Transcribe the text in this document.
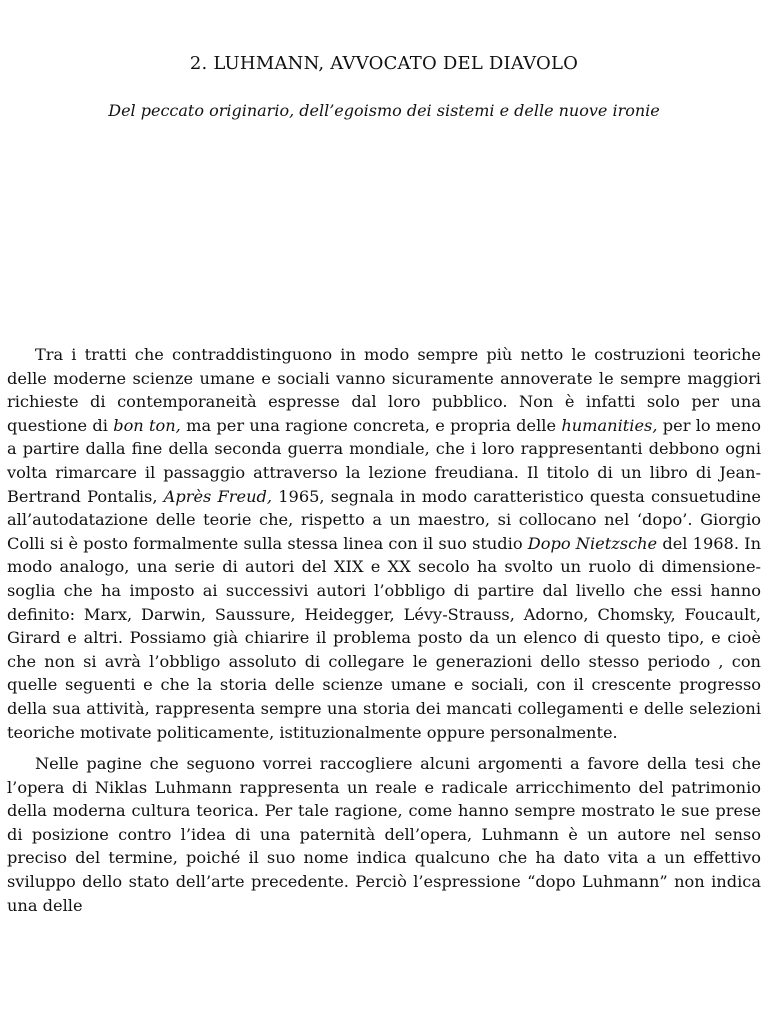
2. LUHMANN, AVVOCATO DEL DIAVOLO
Del peccato originario, dell’egoismo dei sistemi e delle nuove ironie

Tra i tratti che contraddistinguono in modo sempre più netto le costruzioni teoriche delle moderne scienze umane e sociali vanno sicuramente annoverate le sempre maggiori richieste di contemporaneità espresse dal loro pubblico. Non è infatti solo per una questione di bon ton, ma per una ragione concreta, e propria delle humanities, per lo meno a partire dalla fine della seconda guerra mondiale, che i loro rappresentanti debbono ogni volta rimarcare il passaggio attraverso la lezione freudiana. Il titolo di un libro di Jean-Bertrand Pontalis, Après Freud, 1965, segnala in modo caratteristico questa consuetudine all’autodatazione delle teorie che, rispetto a un maestro, si collocano nel ‘dopo’. Giorgio Colli si è posto formalmente sulla stessa linea con il suo studio Dopo Nietzsche del 1968. In modo analogo, una serie di autori del XIX e XX secolo ha svolto un ruolo di dimensione-soglia che ha imposto ai successivi autori l’obbligo di partire dal livello che essi hanno definito: Marx, Darwin, Saussure, Heidegger, Lévy-Strauss, Adorno, Chomsky, Foucault, Girard e altri. Possiamo già chiarire il problema posto da un elenco di questo tipo, e cioè che non si avrà l’obbligo assoluto di collegare le generazioni dello stesso periodo , con quelle seguenti e che la storia delle scienze umane e sociali, con il crescente progresso della sua attività, rappresenta sempre una storia dei mancati collegamenti e delle selezioni teoriche motivate politicamente, istituzionalmente oppure personalmente.

Nelle pagine che seguono vorrei raccogliere alcuni argomenti a favore della tesi che l’opera di Niklas Luhmann rappresenta un reale e radicale arricchimento del patrimonio della moderna cultura teorica. Per tale ragione, come hanno sempre mostrato le sue prese di posizione contro l’idea di una paternità dell’opera, Luhmann è un autore nel senso preciso del termine, poiché il suo nome indica qualcuno che ha dato vita a un effettivo sviluppo dello stato dell’arte precedente. Perciò l’espressione “dopo Luhmann” non indica una delle
